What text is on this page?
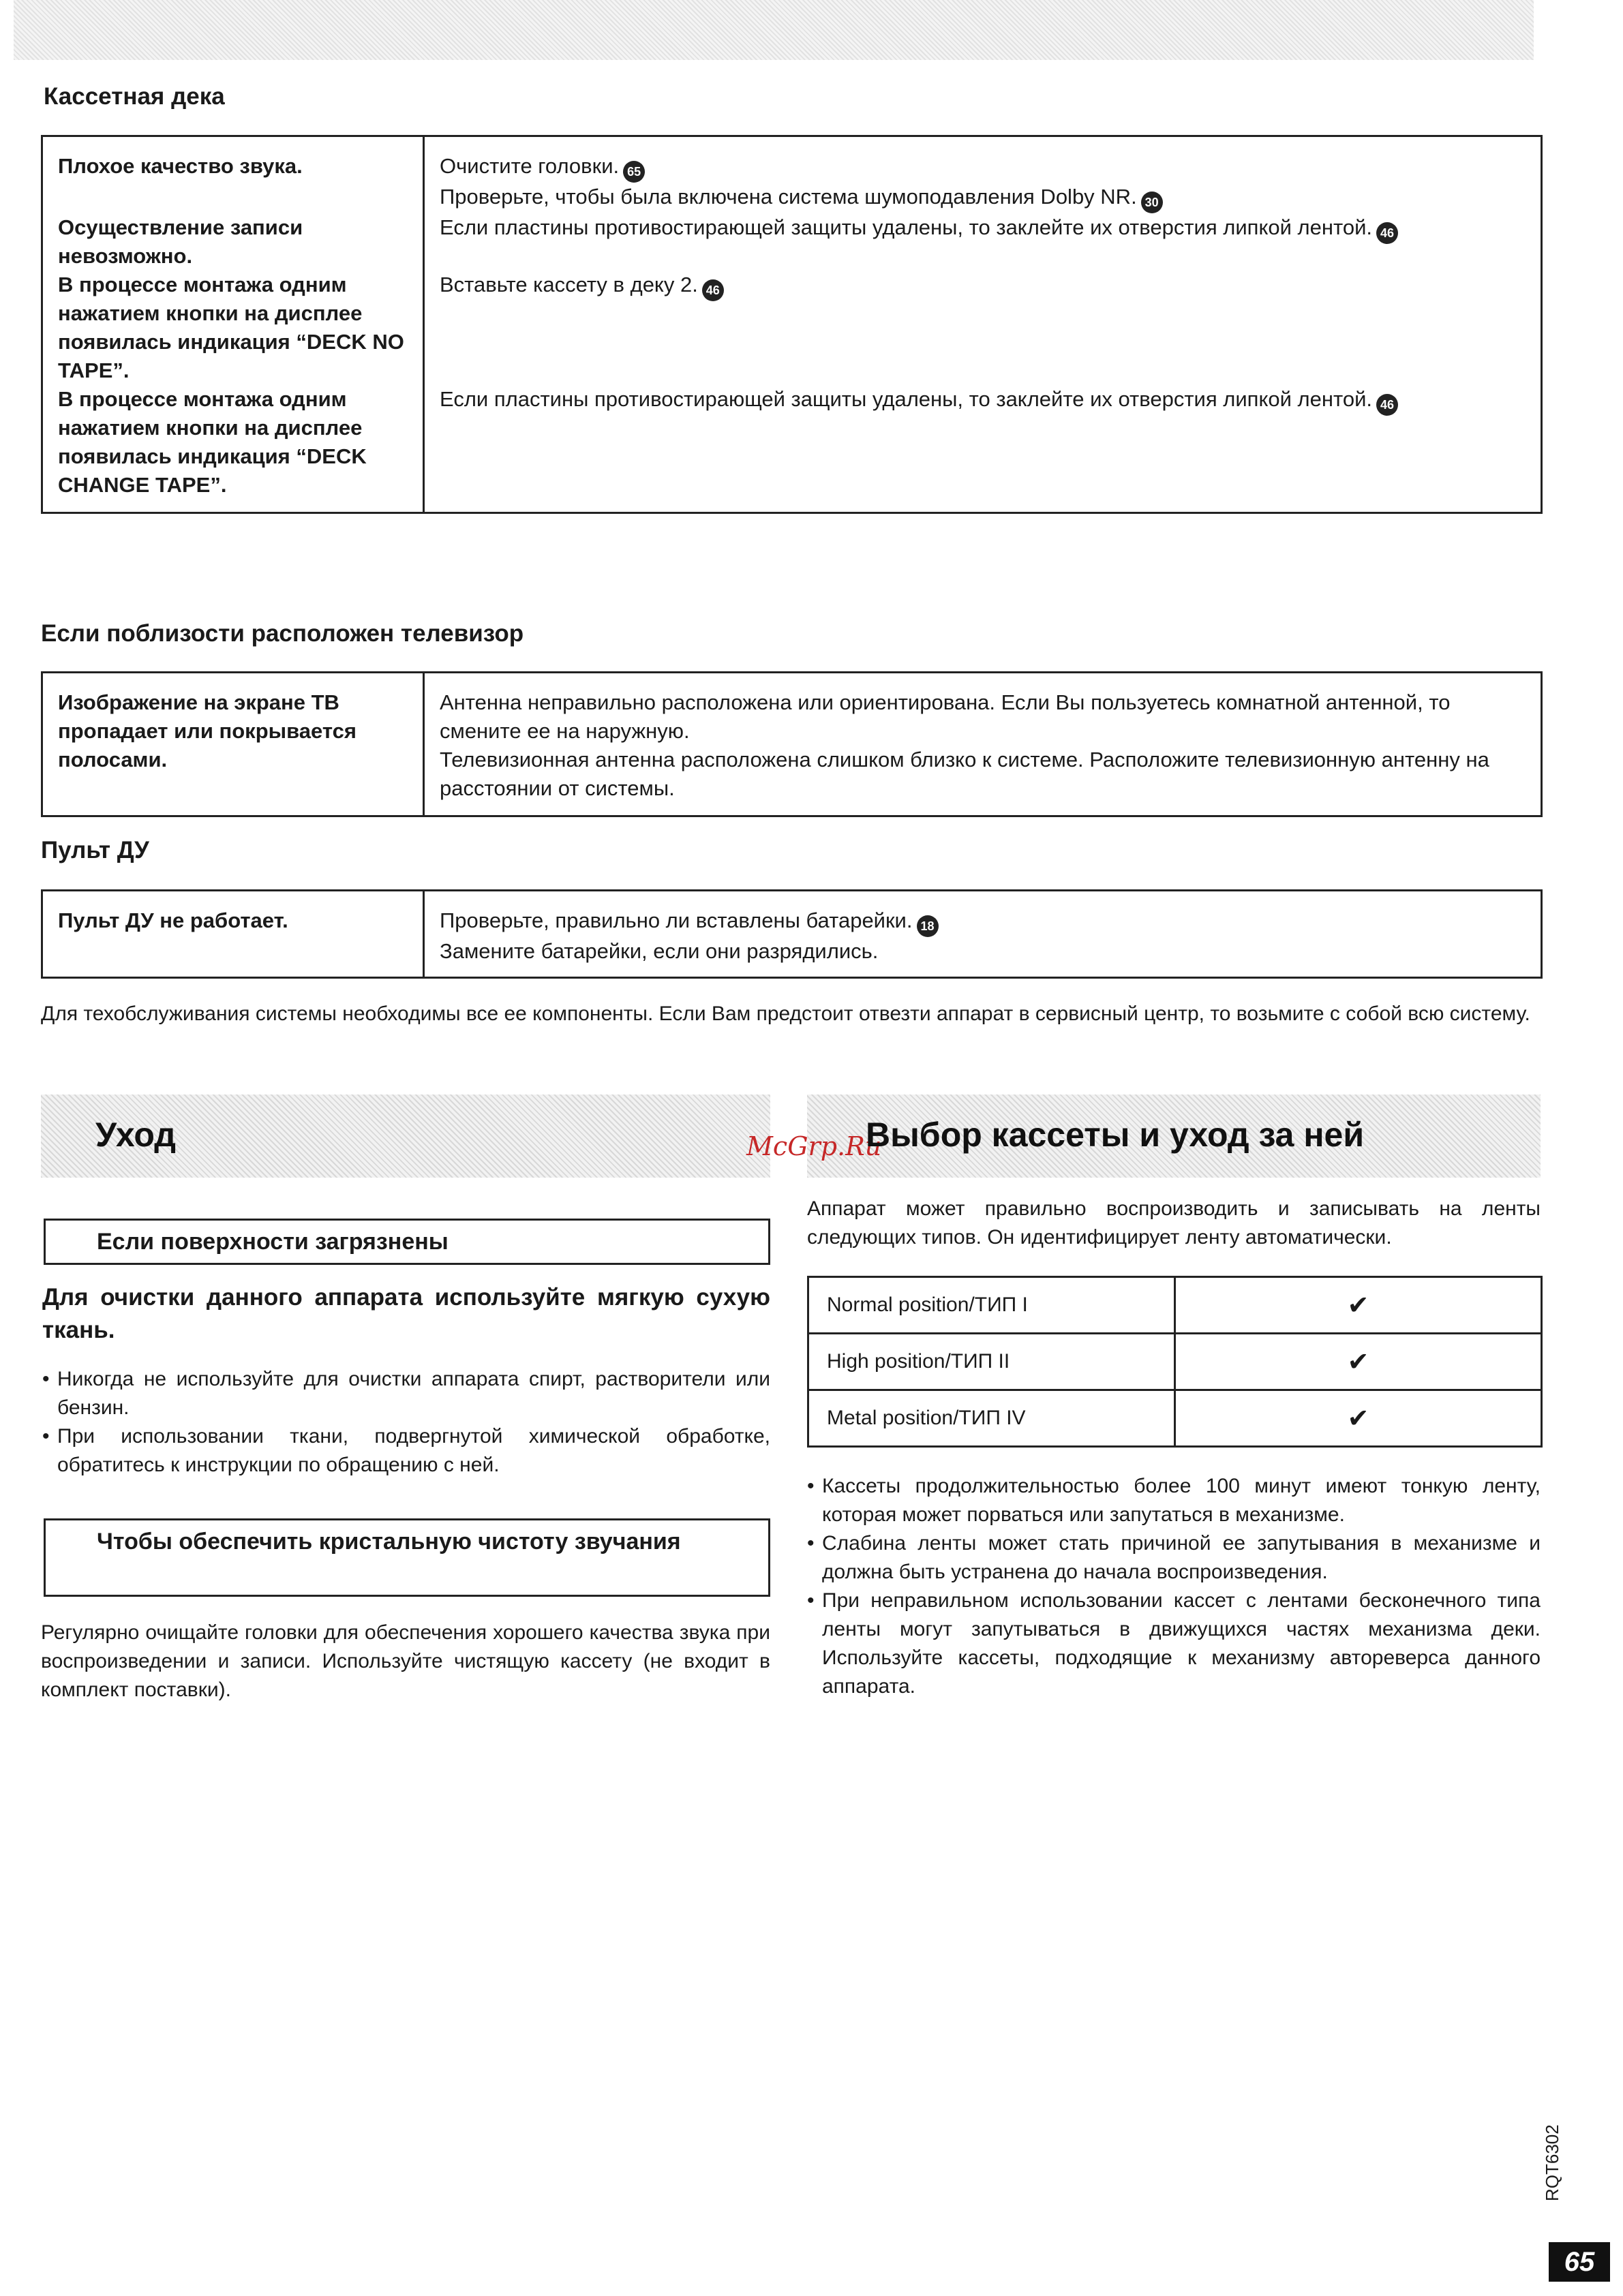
Кассетная дека
Плохое качество звука.	Очистите головки. 65
Проверьте, чтобы была включена система шумоподавления Dolby NR. 30

Осуществление записи невозможно.	Если пластины противостирающей защиты удалены, то заклейте их отверстия липкой лентой. 46

В процессе монтажа одним нажатием кнопки на дисплее появилась индикация “DECK NO TAPE”.	Вставьте кассету в деку 2. 46

В процессе монтажа одним нажатием кнопки на дисплее появилась индикация “DECK CHANGE TAPE”.	Если пластины противостирающей защиты удалены, то заклейте их отверстия липкой лентой. 46
Если поблизости расположен телевизор
Изображение на экране ТВ пропадает или покрывается полосами.	
Антенна неправильно расположена или ориентирована. Если Вы пользуетесь комнатной антенной, то смените ее на наружную.
Телевизионная антенна расположена слишком близко к системе. Расположите телевизионную антенну на расстоянии от системы.
Пульт ДУ
Пульт ДУ не работает.	Проверьте, правильно ли вставлены батарейки. 18
Замените батарейки, если они разрядились.
Для техобслуживания системы необходимы все ее компоненты. Если Вам предстоит отвезти аппарат в сервисный центр, то возьмите с собой всю систему.
Уход
Если поверхности загрязнены
Для очистки данного аппарата используйте мягкую сухую ткань.
• Никогда не используйте для очистки аппарата спирт, растворители или бензин.
• При использовании ткани, подвергнутой химической обработке, обратитесь к инструкции по обращению с ней.
Чтобы обеспечить кристальную чистоту звучания
Регулярно очищайте головки для обеспечения хорошего качества звука при воспроизведении и записи. Используйте чистящую кассету (не входит в комплект поставки).
McGrp.Ru
Выбор кассеты и уход за ней
Аппарат может правильно воспроизводить и записывать на ленты следующих типов. Он идентифицирует ленту автоматически.
Normal position/ТИП I	✔
High position/ТИП II	✔
Metal position/ТИП IV	✔
• Кассеты продолжительностью более 100 минут имеют тонкую ленту, которая может порваться или запутаться в механизме.
• Слабина ленты может стать причиной ее запутывания в механизме и должна быть устранена до начала воспроизведения.
• При неправильном использовании кассет с лентами бесконечного типа ленты могут запутываться в движущихся частях механизма деки. Используйте кассеты, подходящие к механизму автореверса данного аппарата.
RQT6302
65
